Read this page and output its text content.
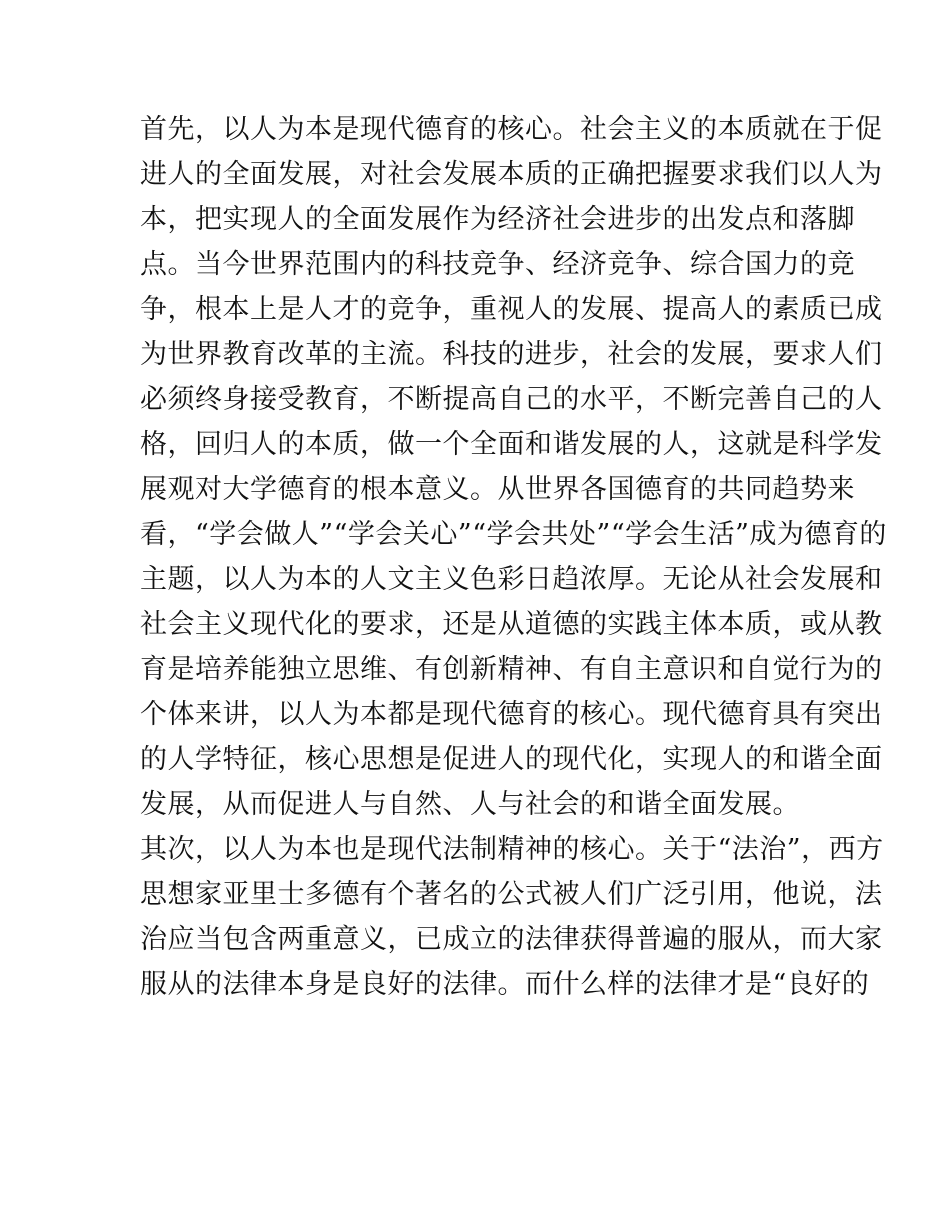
首先，以人为本是现代德育的核心。社会主义的本质就在于促
进人的全面发展，对社会发展本质的正确把握要求我们以人为
本，把实现人的全面发展作为经济社会进步的出发点和落脚
点。当今世界范围内的科技竞争、经济竞争、综合国力的竞
争，根本上是人才的竞争，重视人的发展、提高人的素质已成
为世界教育改革的主流。科技的进步，社会的发展，要求人们
必须终身接受教育，不断提高自己的水平，不断完善自己的人
格，回归人的本质，做一个全面和谐发展的人，这就是科学发
展观对大学德育的根本意义。从世界各国德育的共同趋势来
看，“学会做人”“学会关心”“学会共处”“学会生活”成为德育的
主题，以人为本的人文主义色彩日趋浓厚。无论从社会发展和
社会主义现代化的要求，还是从道德的实践主体本质，或从教
育是培养能独立思维、有创新精神、有自主意识和自觉行为的
个体来讲，以人为本都是现代德育的核心。现代德育具有突出
的人学特征，核心思想是促进人的现代化，实现人的和谐全面
发展，从而促进人与自然、人与社会的和谐全面发展。
其次，以人为本也是现代法制精神的核心。关于“法治”，西方
思想家亚里士多德有个著名的公式被人们广泛引用，他说，法
治应当包含两重意义，已成立的法律获得普遍的服从，而大家
服从的法律本身是良好的法律。而什么样的法律才是“良好的
